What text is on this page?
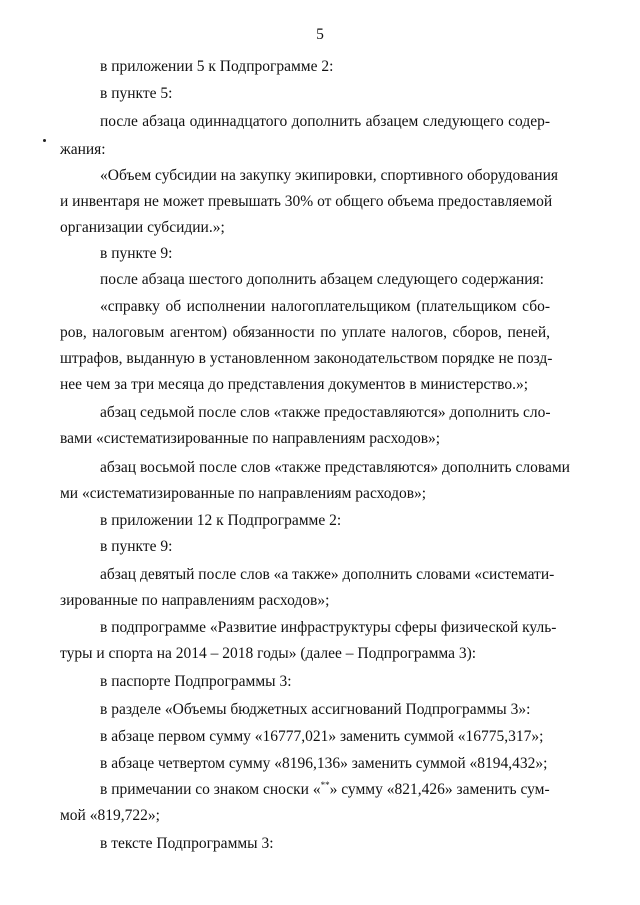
5
в приложении 5 к Подпрограмме 2:
в пункте 5:
после абзаца одиннадцатого дополнить абзацем следующего содер-
жания:
«Объем субсидии на закупку экипировки, спортивного оборудования
и инвентаря не может превышать 30% от общего объема предоставляемой
организации субсидии.»;
в пункте 9:
после абзаца шестого дополнить абзацем следующего содержания:
«справку об исполнении налогоплательщиком (плательщиком сбо-
ров, налоговым агентом) обязанности по уплате налогов, сборов, пеней,
штрафов, выданную в установленном законодательством порядке не позд-
нее чем за три месяца до представления документов в министерство.»;
абзац седьмой после слов «также предоставляются» дополнить сло-
вами «систематизированные по направлениям расходов»;
абзац восьмой после слов «также представляются» дополнить словами
ми «систематизированные по направлениям расходов»;
в приложении 12 к Подпрограмме 2:
в пункте 9:
абзац девятый после слов «а также» дополнить словами «системати-
зированные по направлениям расходов»;
в подпрограмме «Развитие инфраструктуры сферы физической куль-
туры и спорта на 2014 – 2018 годы» (далее – Подпрограмма 3):
в паспорте Подпрограммы 3:
в разделе «Объемы бюджетных ассигнований Подпрограммы 3»:
в абзаце первом сумму «16777,021» заменить суммой «16775,317»;
в абзаце четвертом сумму «8196,136» заменить суммой «8194,432»;
в примечании со знаком сноски «**» сумму «821,426» заменить сум-
мой «819,722»;
в тексте Подпрограммы 3:
